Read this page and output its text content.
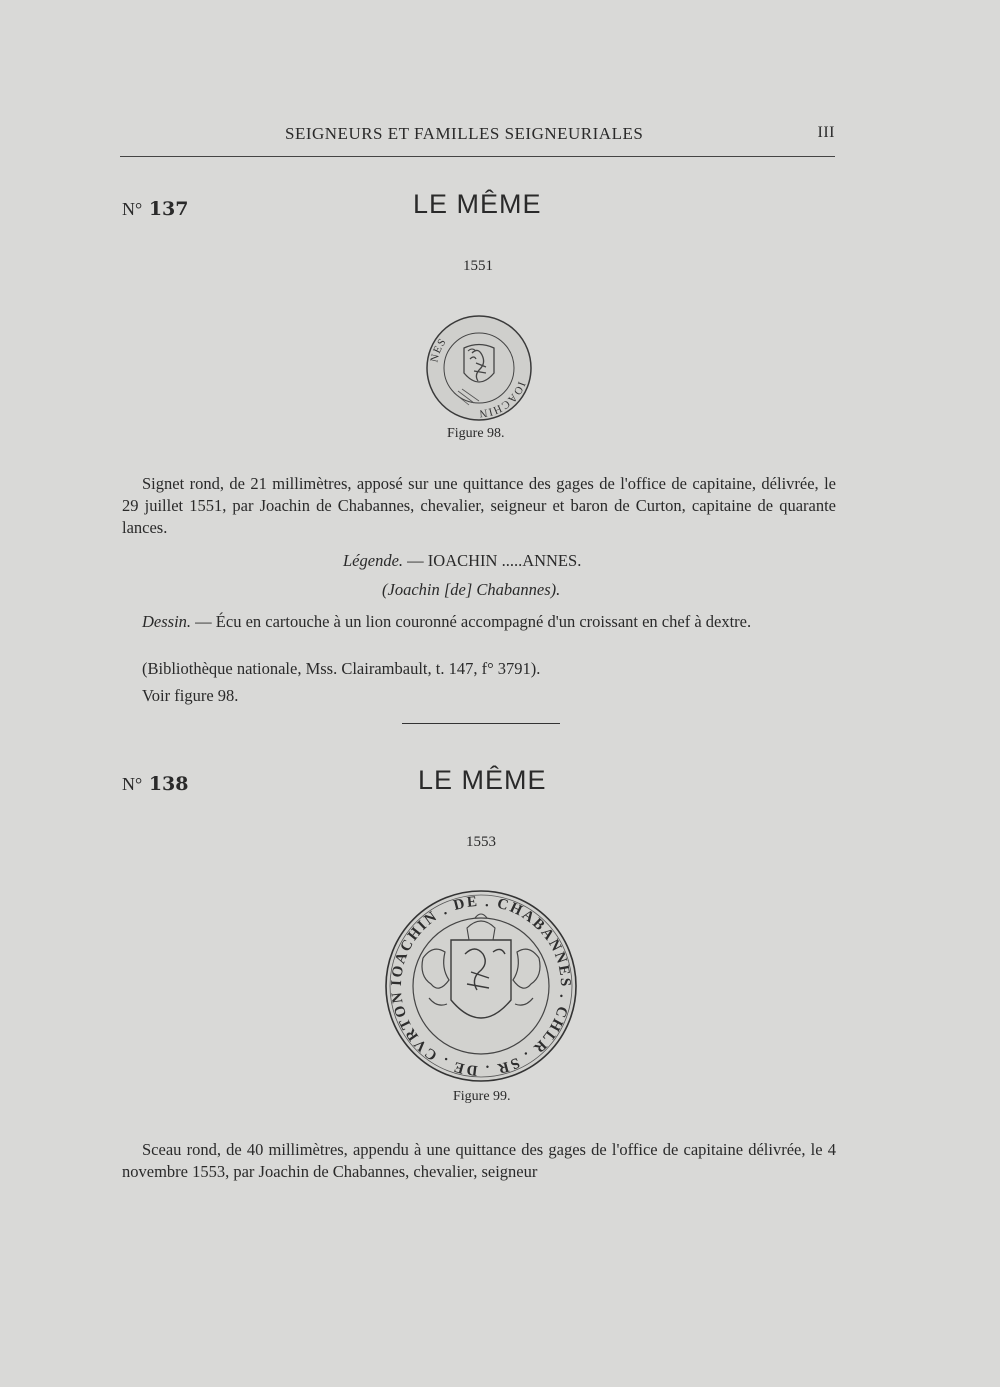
SEIGNEURS ET FAMILLES SEIGNEURIALES	III
N° 137	LE MÊME
1551
NES
IOACHIN
Figure 98.
Signet rond, de 21 millimètres, apposé sur une quittance des gages de l'office de capitaine, délivrée, le 29 juillet 1551, par Joachin de Chabannes, chevalier, seigneur et baron de Curton, capitaine de quarante lances.
Légende. — IOACHIN .....ANNES.
(Joachin [de] Chabannes).
Dessin. — Écu en cartouche à un lion couronné accompagné d'un croissant en chef à dextre.
(Bibliothèque nationale, Mss. Clairambault, t. 147, f° 3791).
Voir figure 98.
N° 138	LE MÊME
1553
IOACHIN . DE . CHABANNES . CHLR . SR . DE . CVRTON
Figure 99.
Sceau rond, de 40 millimètres, appendu à une quittance des gages de l'office de capitaine délivrée, le 4 novembre 1553, par Joachin de Chabannes, chevalier, seigneur
